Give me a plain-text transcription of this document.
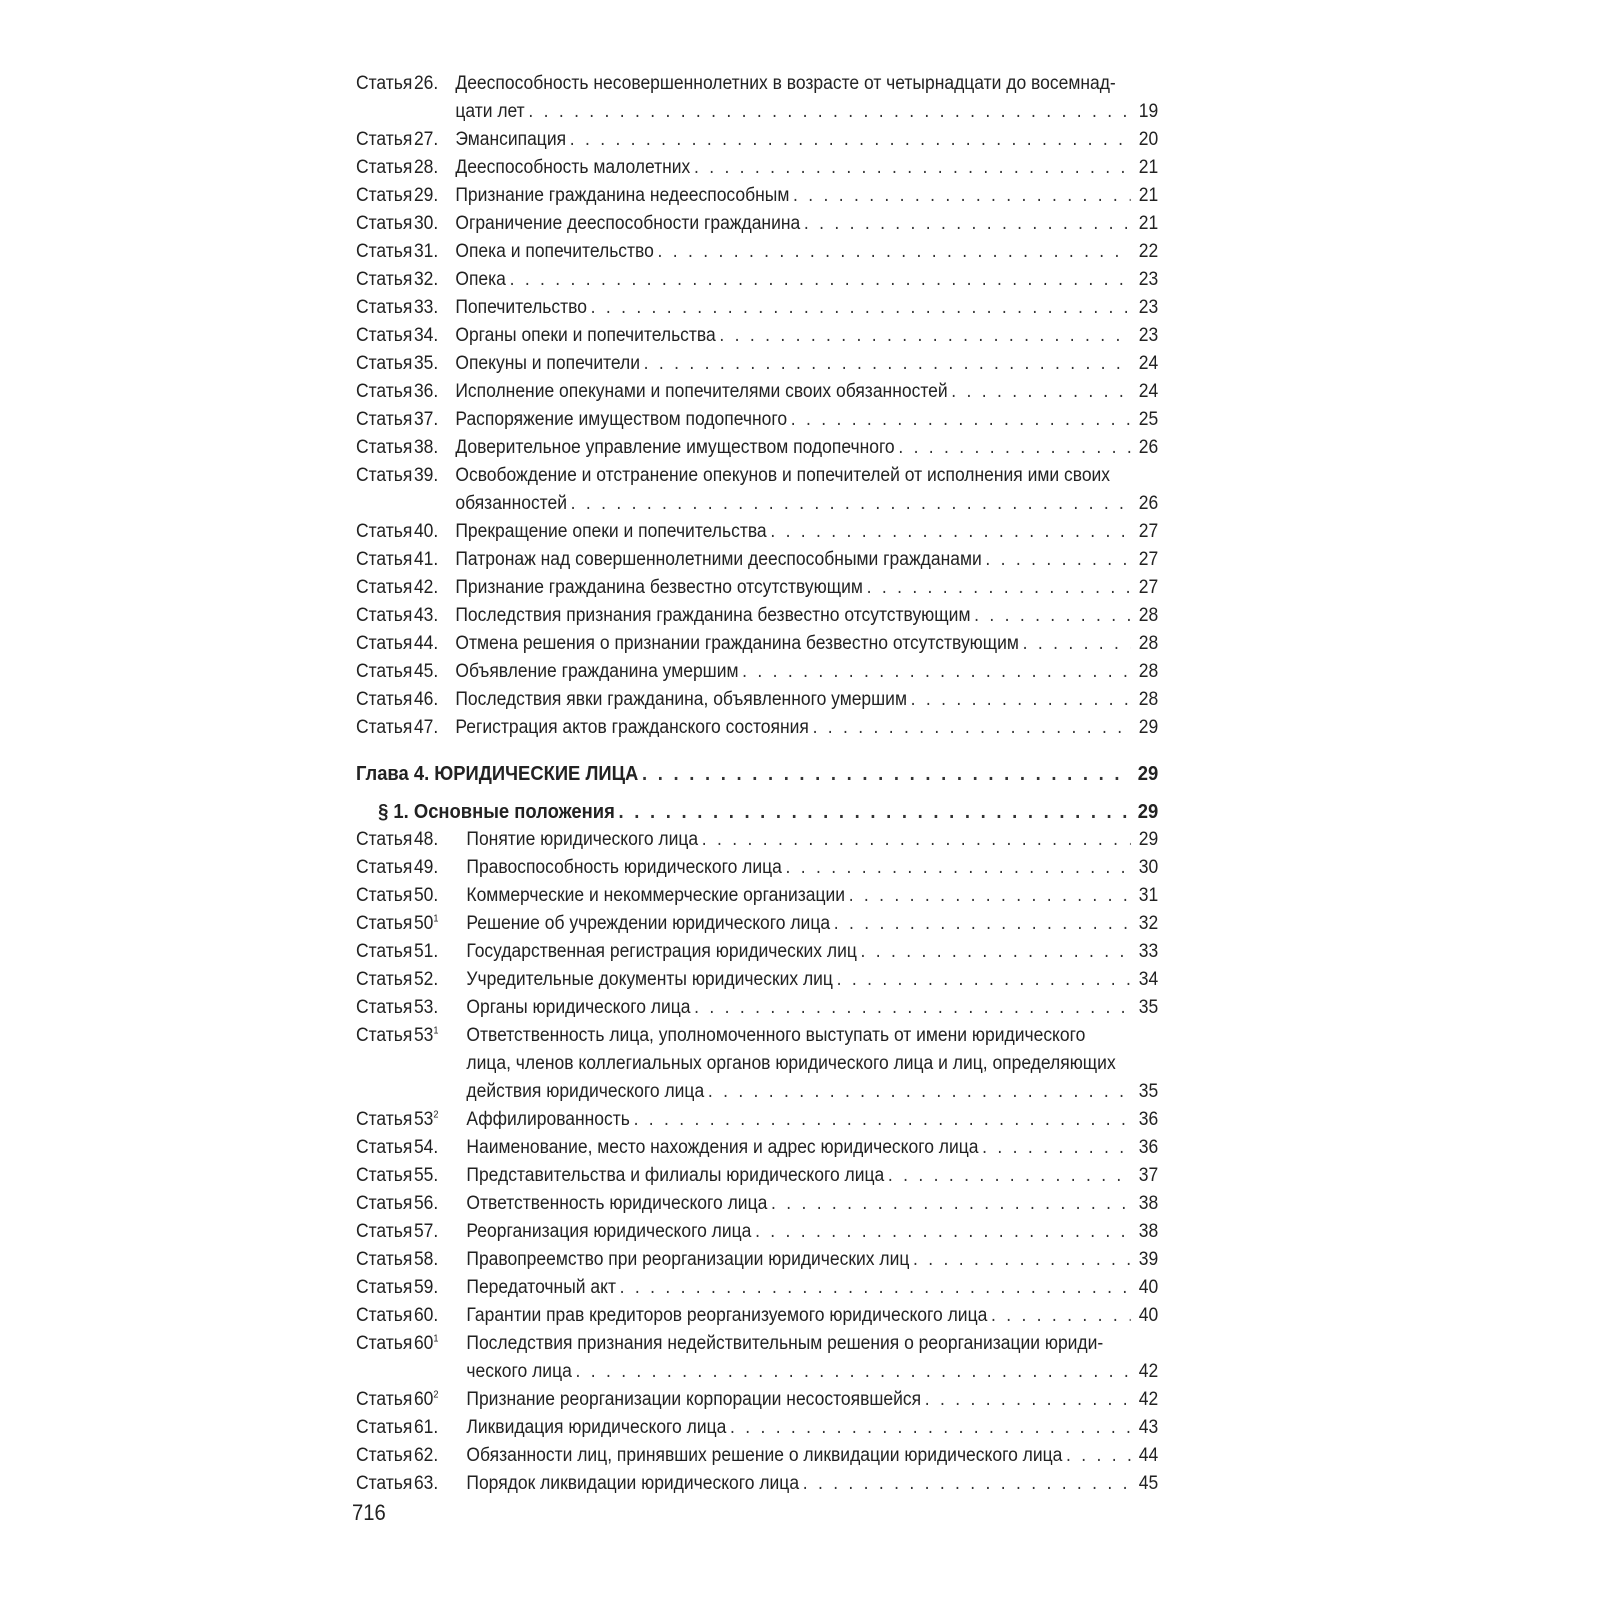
Статья 26. Дееспособность несовершеннолетних в возрасте от четырнадцати до восемнад-
цати лет . . .	19
Статья 27. Эмансипация . . .	20
Статья 28. Дееспособность малолетних . . .	21
Статья 29. Признание гражданина недееспособным . . .	21
Статья 30. Ограничение дееспособности гражданина . . .	21
Статья 31. Опека и попечительство . . .	22
Статья 32. Опека . . .	23
Статья 33. Попечительство . . .	23
Статья 34. Органы опеки и попечительства . . .	23
Статья 35. Опекуны и попечители . . .	24
Статья 36. Исполнение опекунами и попечителями своих обязанностей . . .	24
Статья 37. Распоряжение имуществом подопечного . . .	25
Статья 38. Доверительное управление имуществом подопечного . . .	26
Статья 39. Освобождение и отстранение опекунов и попечителей от исполнения ими своих
обязанностей . . .	26
Статья 40. Прекращение опеки и попечительства . . .	27
Статья 41. Патронаж над совершеннолетними дееспособными гражданами . . .	27
Статья 42. Признание гражданина безвестно отсутствующим . . .	27
Статья 43. Последствия признания гражданина безвестно отсутствующим . . .	28
Статья 44. Отмена решения о признании гражданина безвестно отсутствующим . . .	28
Статья 45. Объявление гражданина умершим . . .	28
Статья 46. Последствия явки гражданина, объявленного умершим . . .	28
Статья 47. Регистрация актов гражданского состояния . . .	29
Глава 4. ЮРИДИЧЕСКИЕ ЛИЦА . . .	29
§ 1. Основные положения . . .	29
Статья 48.	Понятие юридического лица . . .	29
Статья 49.	Правоспособность юридического лица . . .	30
Статья 50.	Коммерческие и некоммерческие организации . . .	31
Статья $50^1$	Решение об учреждении юридического лица . . .	32
Статья 51.	Государственная регистрация юридических лиц . . .	33
Статья 52.	Учредительные документы юридических лиц . . .	34
Статья 53.	Органы юридического лица . . .	35
Статья $53^1$	Ответственность лица, уполномоченного выступать от имени юридического
лица, членов коллегиальных органов юридического лица и лиц, определяющих
действия юридического лица . . .	35
Статья $53^2$	Аффилированность . . .	36
Статья 54.	Наименование, место нахождения и адрес юридического лица . . .	36
Статья 55.	Представительства и филиалы юридического лица . . .	37
Статья 56.	Ответственность юридического лица . . .	38
Статья 57.	Реорганизация юридического лица . . .	38
Статья 58.	Правопреемство при реорганизации юридических лиц . . .	39
Статья 59.	Передаточный акт . . .	40
Статья 60.	Гарантии прав кредиторов реорганизуемого юридического лица . . .	40
Статья $60^1$	Последствия признания недействительным решения о реорганизации юриди-
ческого лица . . .	42
Статья $60^2$	Признание реорганизации корпорации несостоявшейся . . .	42
Статья 61.	Ликвидация юридического лица . . .	43
Статья 62.	Обязанности лиц, принявших решение о ликвидации юридического лица . . .	44
Статья 63.	Порядок ликвидации юридического лица . . .	45
716
